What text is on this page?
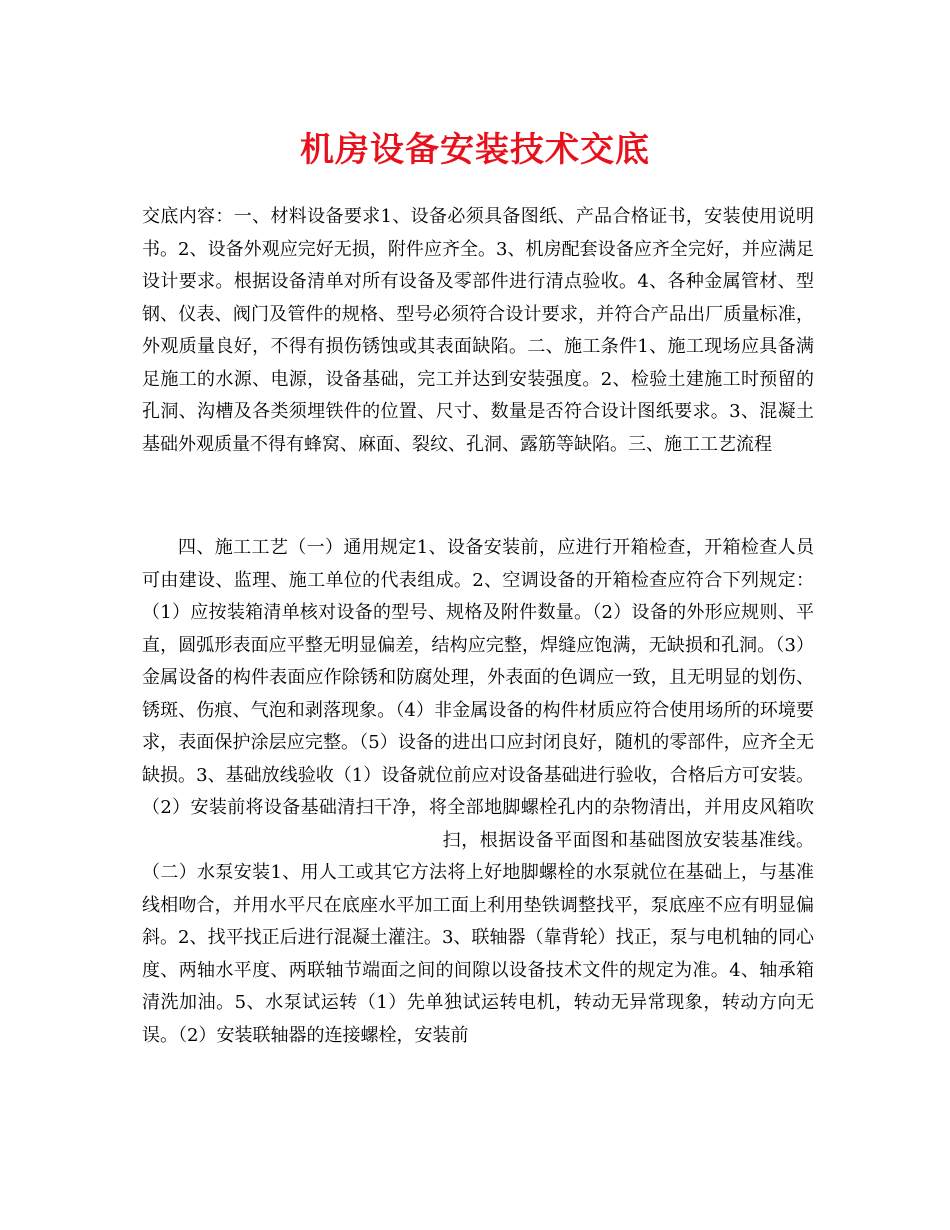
机房设备安装技术交底

交底内容：一、材料设备要求1、设备必须具备图纸、产品合格证书，安装使用说明书。2、设备外观应完好无损，附件应齐全。3、机房配套设备应齐全完好，并应满足设计要求。根据设备清单对所有设备及零部件进行清点验收。4、各种金属管材、型钢、仪表、阀门及管件的规格、型号必须符合设计要求，并符合产品出厂质量标准，外观质量良好，不得有损伤锈蚀或其表面缺陷。二、施工条件1、施工现场应具备满足施工的水源、电源，设备基础，完工并达到安装强度。2、检验土建施工时预留的孔洞、沟槽及各类须埋铁件的位置、尺寸、数量是否符合设计图纸要求。3、混凝土基础外观质量不得有蜂窝、麻面、裂纹、孔洞、露筋等缺陷。三、施工工艺流程

四、施工工艺（一）通用规定1、设备安装前，应进行开箱检查，开箱检查人员可由建设、监理、施工单位的代表组成。2、空调设备的开箱检查应符合下列规定：（1）应按装箱清单核对设备的型号、规格及附件数量。（2）设备的外形应规则、平直，圆弧形表面应平整无明显偏差，结构应完整，焊缝应饱满，无缺损和孔洞。（3）金属设备的构件表面应作除锈和防腐处理，外表面的色调应一致，且无明显的划伤、锈斑、伤痕、气泡和剥落现象。（4）非金属设备的构件材质应符合使用场所的环境要求，表面保护涂层应完整。（5）设备的进出口应封闭良好，随机的零部件，应齐全无缺损。3、基础放线验收（1）设备就位前应对设备基础进行验收，合格后方可安装。（2）安装前将设备基础清扫干净，将全部地脚螺栓孔内的杂物清出，并用皮风箱吹扫，根据设备平面图和基础图放安装基准线。（二）水泵安装1、用人工或其它方法将上好地脚螺栓的水泵就位在基础上，与基准线相吻合，并用水平尺在底座水平加工面上利用垫铁调整找平，泵底座不应有明显偏斜。2、找平找正后进行混凝土灌注。3、联轴器（靠背轮）找正，泵与电机轴的同心度、两轴水平度、两联轴节端面之间的间隙以设备技术文件的规定为准。4、轴承箱清洗加油。5、水泵试运转（1）先单独试运转电机，转动无异常现象，转动方向无误。（2）安装联轴器的连接螺栓，安装前
